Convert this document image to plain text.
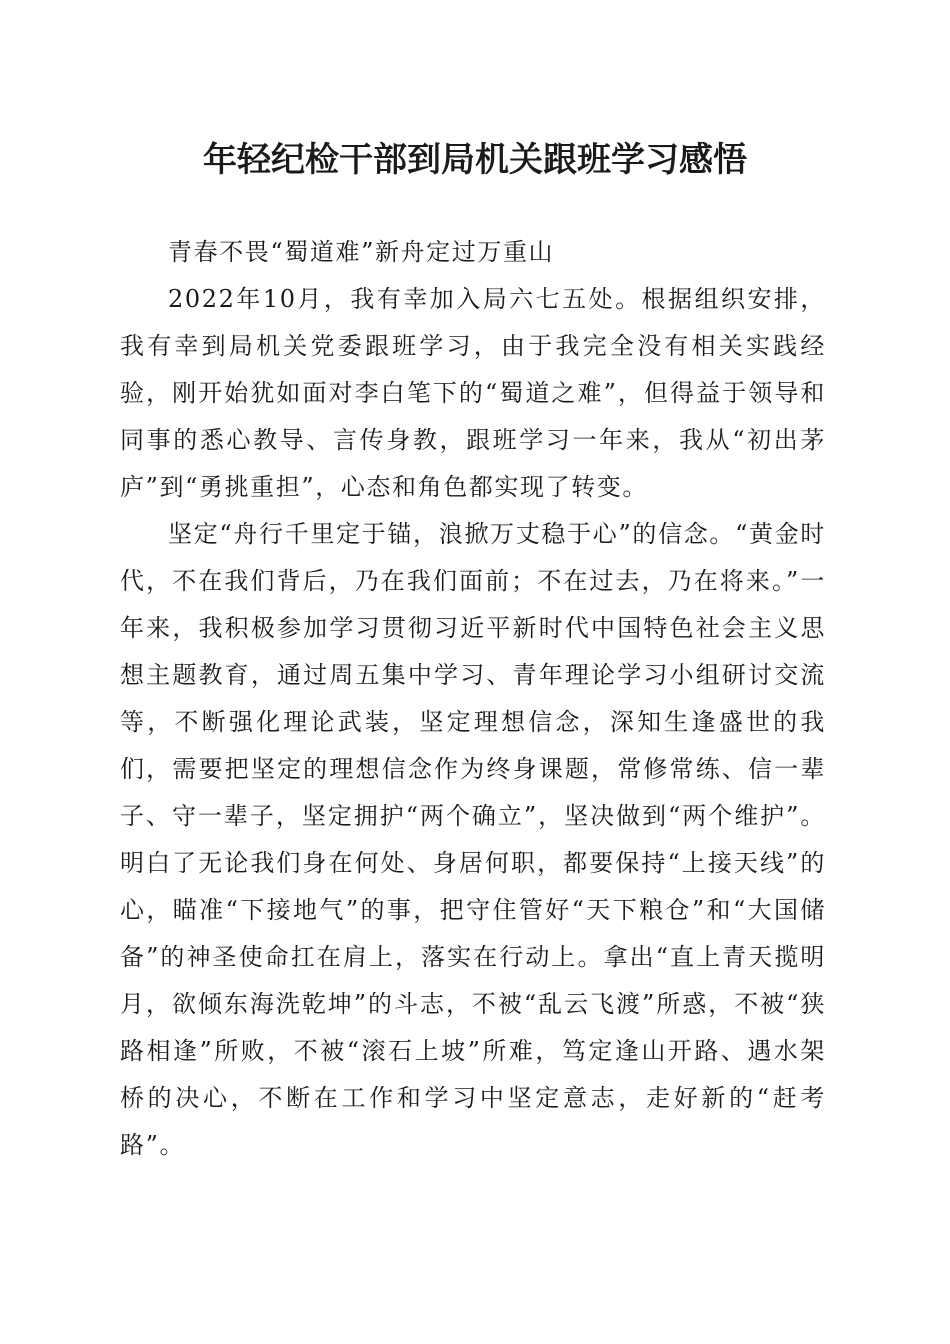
年轻纪检干部到局机关跟班学习感悟

青春不畏“蜀道难”新舟定过万重山

2022年10月，我有幸加入局六七五处。根据组织安排，我有幸到局机关党委跟班学习，由于我完全没有相关实践经验，刚开始犹如面对李白笔下的“蜀道之难”，但得益于领导和同事的悉心教导、言传身教，跟班学习一年来，我从“初出茅庐”到“勇挑重担”，心态和角色都实现了转变。

坚定“舟行千里定于锚，浪掀万丈稳于心”的信念。“黄金时代，不在我们背后，乃在我们面前；不在过去，乃在将来。”一年来，我积极参加学习贯彻习近平新时代中国特色社会主义思想主题教育，通过周五集中学习、青年理论学习小组研讨交流等，不断强化理论武装，坚定理想信念，深知生逢盛世的我们，需要把坚定的理想信念作为终身课题，常修常练、信一辈子、守一辈子，坚定拥护“两个确立”，坚决做到“两个维护”。明白了无论我们身在何处、身居何职，都要保持“上接天线”的心，瞄准“下接地气”的事，把守住管好“天下粮仓”和“大国储备”的神圣使命扛在肩上，落实在行动上。拿出“直上青天揽明月，欲倾东海洗乾坤”的斗志，不被“乱云飞渡”所惑，不被“狭路相逢”所败，不被“滚石上坡”所难，笃定逢山开路、遇水架桥的决心，不断在工作和学习中坚定意志，走好新的“赶考路”。
